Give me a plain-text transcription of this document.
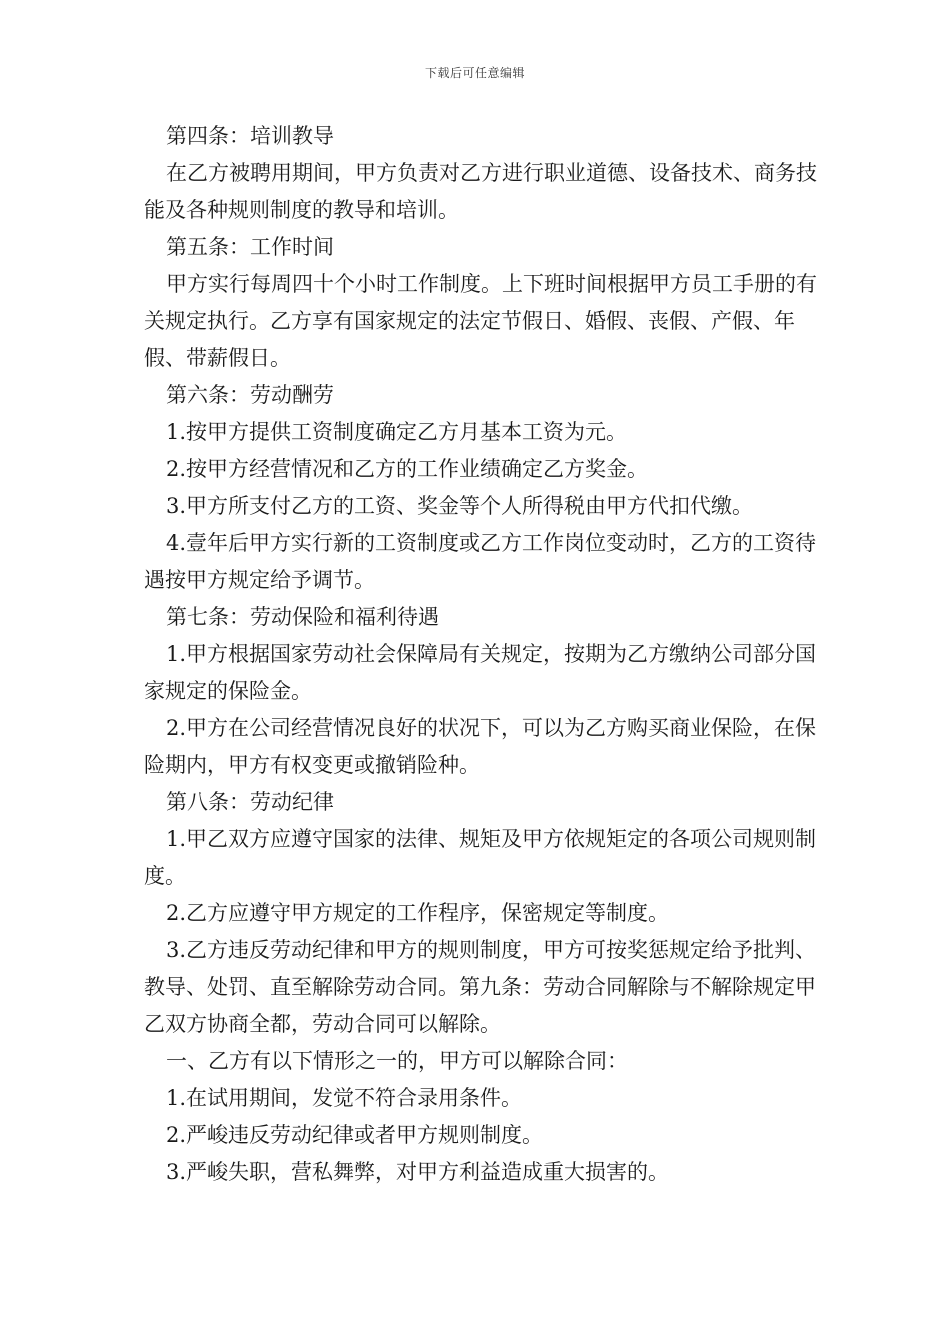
下载后可任意编辑

第四条：培训教导

在乙方被聘用期间，甲方负责对乙方进行职业道德、设备技术、商务技能及各种规则制度的教导和培训。

第五条：工作时间

甲方实行每周四十个小时工作制度。上下班时间根据甲方员工手册的有关规定执行。乙方享有国家规定的法定节假日、婚假、丧假、产假、年假、带薪假日。

第六条：劳动酬劳

1.按甲方提供工资制度确定乙方月基本工资为元。

2.按甲方经营情况和乙方的工作业绩确定乙方奖金。

3.甲方所支付乙方的工资、奖金等个人所得税由甲方代扣代缴。

4.壹年后甲方实行新的工资制度或乙方工作岗位变动时，乙方的工资待遇按甲方规定给予调节。

第七条：劳动保险和福利待遇

1.甲方根据国家劳动社会保障局有关规定，按期为乙方缴纳公司部分国家规定的保险金。

2.甲方在公司经营情况良好的状况下，可以为乙方购买商业保险，在保险期内，甲方有权变更或撤销险种。

第八条：劳动纪律

1.甲乙双方应遵守国家的法律、规矩及甲方依规矩定的各项公司规则制度。

2.乙方应遵守甲方规定的工作程序，保密规定等制度。

3.乙方违反劳动纪律和甲方的规则制度，甲方可按奖惩规定给予批判、教导、处罚、直至解除劳动合同。第九条：劳动合同解除与不解除规定甲乙双方协商全都，劳动合同可以解除。

一、乙方有以下情形之一的，甲方可以解除合同：

1.在试用期间，发觉不符合录用条件。

2.严峻违反劳动纪律或者甲方规则制度。

3.严峻失职，营私舞弊，对甲方利益造成重大损害的。
